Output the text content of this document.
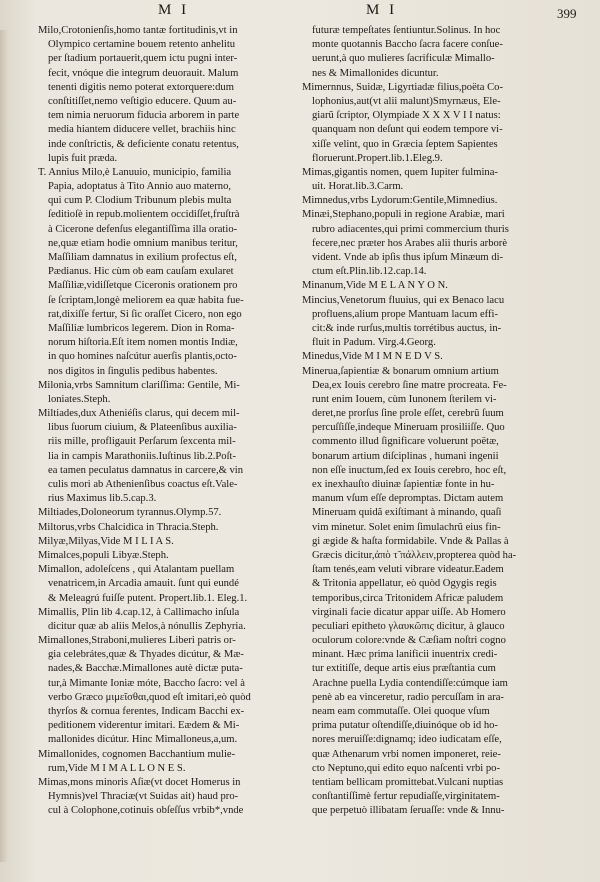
M I	M I	399
Milo,Crotonienſis,homo tantæ fortitudinis,vt in
Olympico certamine bouem retento anhelitu
per ſtadium portauerit,quem ictu pugni inter-
fecit, vnóque die integrum deuorauit. Malum
tenenti digitis nemo poterat extorquere:dum
conſtitiſſet,nemo veſtigio educere. Quum au-
tem nimia neruorum fiducia arborem in parte
media hiantem diducere vellet, brachiis hinc
inde conſtrictis, & deficiente conatu retentus,
lupis fuit præda.
T. Annius Milo,è Lanuuio, municipio, familia
Papia, adoptatus à Tito Annio auo materno,
qui cum P. Clodium Tribunum plebis multa
ſeditioſè in repub.molientem occidiſſet,fruſtrà
à Cicerone defenſus elegantiſſima illa oratio-
ne,quæ etiam hodie omnium manibus teritur,
Maſſiliam damnatus in exilium profectus eſt,
Pædianus. Hic cùm ob eam cauſam exularet
Maſſiliæ,vidiſſetque Ciceronis orationem pro
ſe ſcriptam,longè meliorem ea quæ habita fue-
rat,dixiſſe fertur, Si ſic oraſſet Cicero, non ego
Maſſiliæ lumbricos legerem. Dion in Roma-
norum hiſtoria.Eſt item nomen montis Indiæ,
in quo homines naſcútur auerſis plantis,octo-
nos digitos in ſingulis pedibus habentes.
Milonia,vrbs Samnitum clariſſima: Gentile, Mi-
loniates.Steph.
Miltiades,dux Atheniéſis clarus, qui decem mil-
libus ſuorum ciuium, & Plateenſibus auxilia-
riis mille, profligauit Perſarum ſexcenta mil-
lia in campis Marathoniis.Iuſtinus lib.2.Poſt-
ea tamen peculatus damnatus in carcere,& vin
culis mori ab Athenienſibus coactus eſt.Vale-
rius Maximus lib.5.cap.3.
Miltiades,Doloneorum tyrannus.Olymp.57.
Miltorus,vrbs Chalcidica in Thracia.Steph.
Milyæ,Milyas,Vide M I L I A S.
Mimalces,populi Libyæ.Steph.
Mimallon, adoleſcens , qui Atalantam puellam
venatricem,in Arcadia amauit. ſunt qui eundé
& Meleagrú fuiſſe putent. Propert.lib.1. Eleg.1.
Mimallis, Plin lib 4.cap.12, à Callimacho inſula
dicitur quæ ab aliis Melos,à nónullis Zephyria.
Mimallones,Straboni,mulieres Liberi patris or-
gia celebrátes,quæ & Thyades dicútur, & Mæ-
nades,& Bacchæ.Mimallones autè dictæ puta-
tur,à Mimante Ioniæ móte, Baccho ſacro: vel à
verbo Græco μιμεῖσθαι,quod eſt imitari,eò quòd
thyrſos & cornua ferentes, Indicam Bacchi ex-
peditionem viderentur imitari. Eædem & Mi-
mallonides dicútur. Hinc Mimalloneus,a,um.
Mimallonides, cognomen Bacchantium mulie-
rum,Vide M I M A L L O N E S.
Mimas,mons minoris Aſiæ(vt docet Homerus in
Hymnis)vel Thraciæ(vt Suidas ait) haud pro-
cul à Colophone,cotinuis obſeſſus vrbib*,vnde
futuræ tempeſtates ſentiuntur.Solinus. In hoc
monte quotannis Baccho ſacra facere conſue-
uerunt,à quo mulieres ſacrificulæ Mimallo-
nes & Mimallonides dicuntur.
Mimernnus, Suidæ, Ligyrtiadæ filius,poëta Co-
lophonius,aut(vt alii malunt)Smyrnæus, Ele-
giarũ ſcriptor, Olympiade X X X V I I natus:
quanquam non deſunt qui eodem tempore vi-
xiſſe velint, quo in Græcia ſeptem Sapientes
floruerunt.Propert.lib.1.Eleg.9.
Mimas,gigantis nomen, quem Iupiter fulmina-
uit. Horat.lib.3.Carm.
Mimnedus,vrbs Lydorum:Gentile,Mimnedius.
Minæi,Stephano,populi in regione Arabiæ, mari
rubro adiacentes,qui primi commercium thuris
fecere,nec præter hos Arabes alii thuris arborè
vident. Vnde ab ipſis thus ipſum Minæum di-
ctum eſt.Plin.lib.12.cap.14.
Minanum,Vide M E L A N Y O N.
Mincius,Venetorum fluuius, qui ex Benaco lacu
profluens,alium prope Mantuam lacum effi-
cit:& inde rurſus,multis torrétibus auctus, in-
fluit in Padum. Virg.4.Georg.
Minedus,Vide M I M N E D V S.
Minerua,ſapientiæ & bonarum omnium artium
Dea,ex Iouis cerebro ſine matre procreata. Fe-
runt enim Iouem, cùm Iunonem ſterilem vi-
deret,ne prorſus ſine prole eſſet, cerebrũ ſuum
percuſſiſſe,indeque Mineruam prosiliiſſe. Quo
commento illud ſignificare voluerunt poëtæ,
bonarum artium diſciplinas , humani ingenii
non eſſe inuctum,ſed ex Iouis cerebro, hoc eſt,
ex inexhauſto diuinæ ſapientiæ fonte in hu-
manum vſum eſſe depromptas. Dictam autem
Mineruam quidã exiſtimant à minando, quaſi
vim minetur. Solet enim ſimulachrũ eius fin-
gi ægide & haſta formidabile. Vnde & Pallas à
Græcis dicitur,ἀπὸ τ̃ πάλλειν,propterea quòd ha-
ſtam tenés,eam veluti vibrare videatur.Eadem
& Tritonia appellatur, eò quòd Ogygis regis
temporibus,circa Tritonidem Africæ paludem
virginali facie dicatur appar uiſſe. Ab Homero
peculiari epitheto γλαυκῶπις dicitur, à glauco
oculorum colore:vnde & Cæſiam noſtri cogno
minant. Hæc prima lanificii inuentrix credi-
tur extitiſſe, deque artis eius præſtantia cum
Arachne puella Lydia contendiſſe:cúmque iam
penè ab ea vinceretur, radio percuſſam in ara-
neam eam commutaſſe. Olei quoque vſum
prima putatur oſtendiſſe,diuinóque ob id ho-
nores meruiſſe:dignamq; ideo iudicatam eſſe,
quæ Athenarum vrbi nomen imponeret, reie-
cto Neptuno,qui edito equo naſcenti vrbi po-
tentiam bellicam promittebat.Vulcani nuptias
conſtantiſſimè fertur repudiaſſe,virginitatem-
que perpetuò illibatam ſeruaſſe: vnde & Innu-
